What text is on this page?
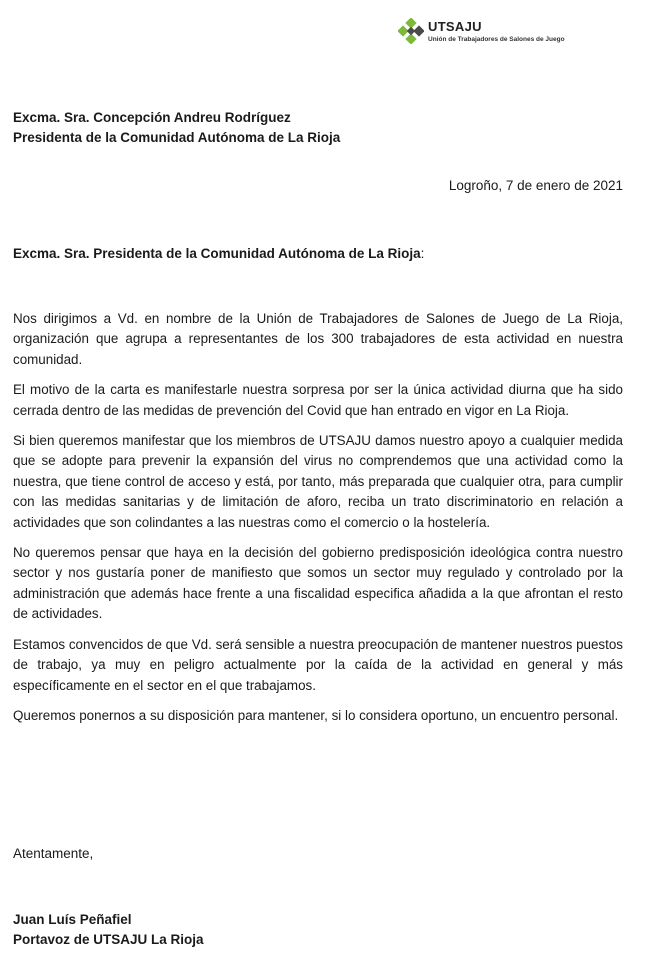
UTSAJU
Unión de Trabajadores de Salones de Juego
Excma. Sra. Concepción Andreu Rodríguez
Presidenta de la Comunidad Autónoma de La Rioja
Logroño, 7 de enero de 2021
Excma. Sra. Presidenta de la Comunidad Autónoma de La Rioja:

Nos dirigimos a Vd. en nombre de la Unión de Trabajadores de Salones de Juego de La Rioja, organización que agrupa a representantes de los 300 trabajadores de esta actividad en nuestra comunidad.

El motivo de la carta es manifestarle nuestra sorpresa por ser la única actividad diurna que ha sido cerrada dentro de las medidas de prevención del Covid que han entrado en vigor en La Rioja.

Si bien queremos manifestar que los miembros de UTSAJU damos nuestro apoyo a cualquier medida que se adopte para prevenir la expansión del virus no comprendemos que una actividad como la nuestra, que tiene control de acceso y está, por tanto, más preparada que cualquier otra, para cumplir con las medidas sanitarias y de limitación de aforo, reciba un trato discriminatorio en relación a actividades que son colindantes a las nuestras como el comercio o la hostelería.

No queremos pensar que haya en la decisión del gobierno predisposición ideológica contra nuestro sector y nos gustaría poner de manifiesto que somos un sector muy regulado y controlado por la administración que además hace frente a una fiscalidad especifica añadida a la que afrontan el resto de actividades.

Estamos convencidos de que Vd. será sensible a nuestra preocupación de mantener nuestros puestos de trabajo, ya muy en peligro actualmente por la caída de la actividad en general y más específicamente en el sector en el que trabajamos.

Queremos ponernos a su disposición para mantener, si lo considera oportuno, un encuentro personal.

Atentamente,
Juan Luís Peñafiel
Portavoz de UTSAJU La Rioja
